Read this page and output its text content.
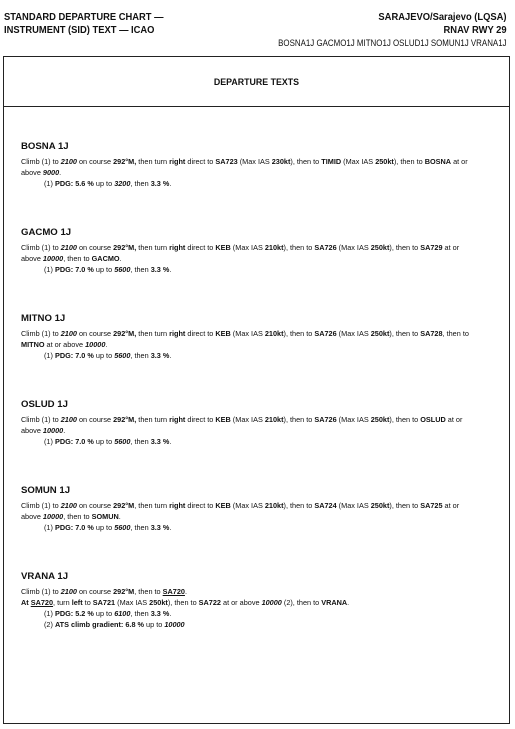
STANDARD DEPARTURE CHART —
INSTRUMENT (SID) TEXT — ICAO
SARAJEVO/Sarajevo (LQSA)
RNAV RWY 29
BOSNA1J GACMO1J MITNO1J OSLUD1J SOMUN1J VRANA1J
DEPARTURE TEXTS
BOSNA 1J
Climb (1) to 2100 on course 292°M, then turn right direct to SA723 (Max IAS 230kt), then to TIMID (Max IAS 250kt), then to BOSNA at or
above 9000.
(1) PDG: 5.6 % up to 3200, then 3.3 %.
GACMO 1J
Climb (1) to 2100 on course 292°M, then turn right direct to KEB (Max IAS 210kt), then to SA726 (Max IAS 250kt), then to SA729 at or
above 10000, then to GACMO.
(1) PDG: 7.0 % up to 5600, then 3.3 %.
MITNO 1J
Climb (1) to 2100 on course 292°M, then turn right direct to KEB (Max IAS 210kt), then to SA726 (Max IAS 250kt), then to SA728, then to
MITNO at or above 10000.
(1) PDG: 7.0 % up to 5600, then 3.3 %.
OSLUD 1J
Climb (1) to 2100 on course 292°M, then turn right direct to KEB (Max IAS 210kt), then to SA726 (Max IAS 250kt), then to OSLUD at or
above 10000.
(1) PDG: 7.0 % up to 5600, then 3.3 %.
SOMUN 1J
Climb (1) to 2100 on course 292°M, then turn right direct to KEB (Max IAS 210kt), then to SA724 (Max IAS 250kt), then to SA725 at or
above 10000, then to SOMUN.
(1) PDG: 7.0 % up to 5600, then 3.3 %.
VRANA 1J
Climb (1) to 2100 on course 292°M, then to SA720.
At SA720, turn left to SA721 (Max IAS 250kt), then to SA722 at or above 10000 (2), then to VRANA.
(1) PDG: 5.2 % up to 6100, then 3.3 %.
(2) ATS climb gradient: 6.8 % up to 10000
